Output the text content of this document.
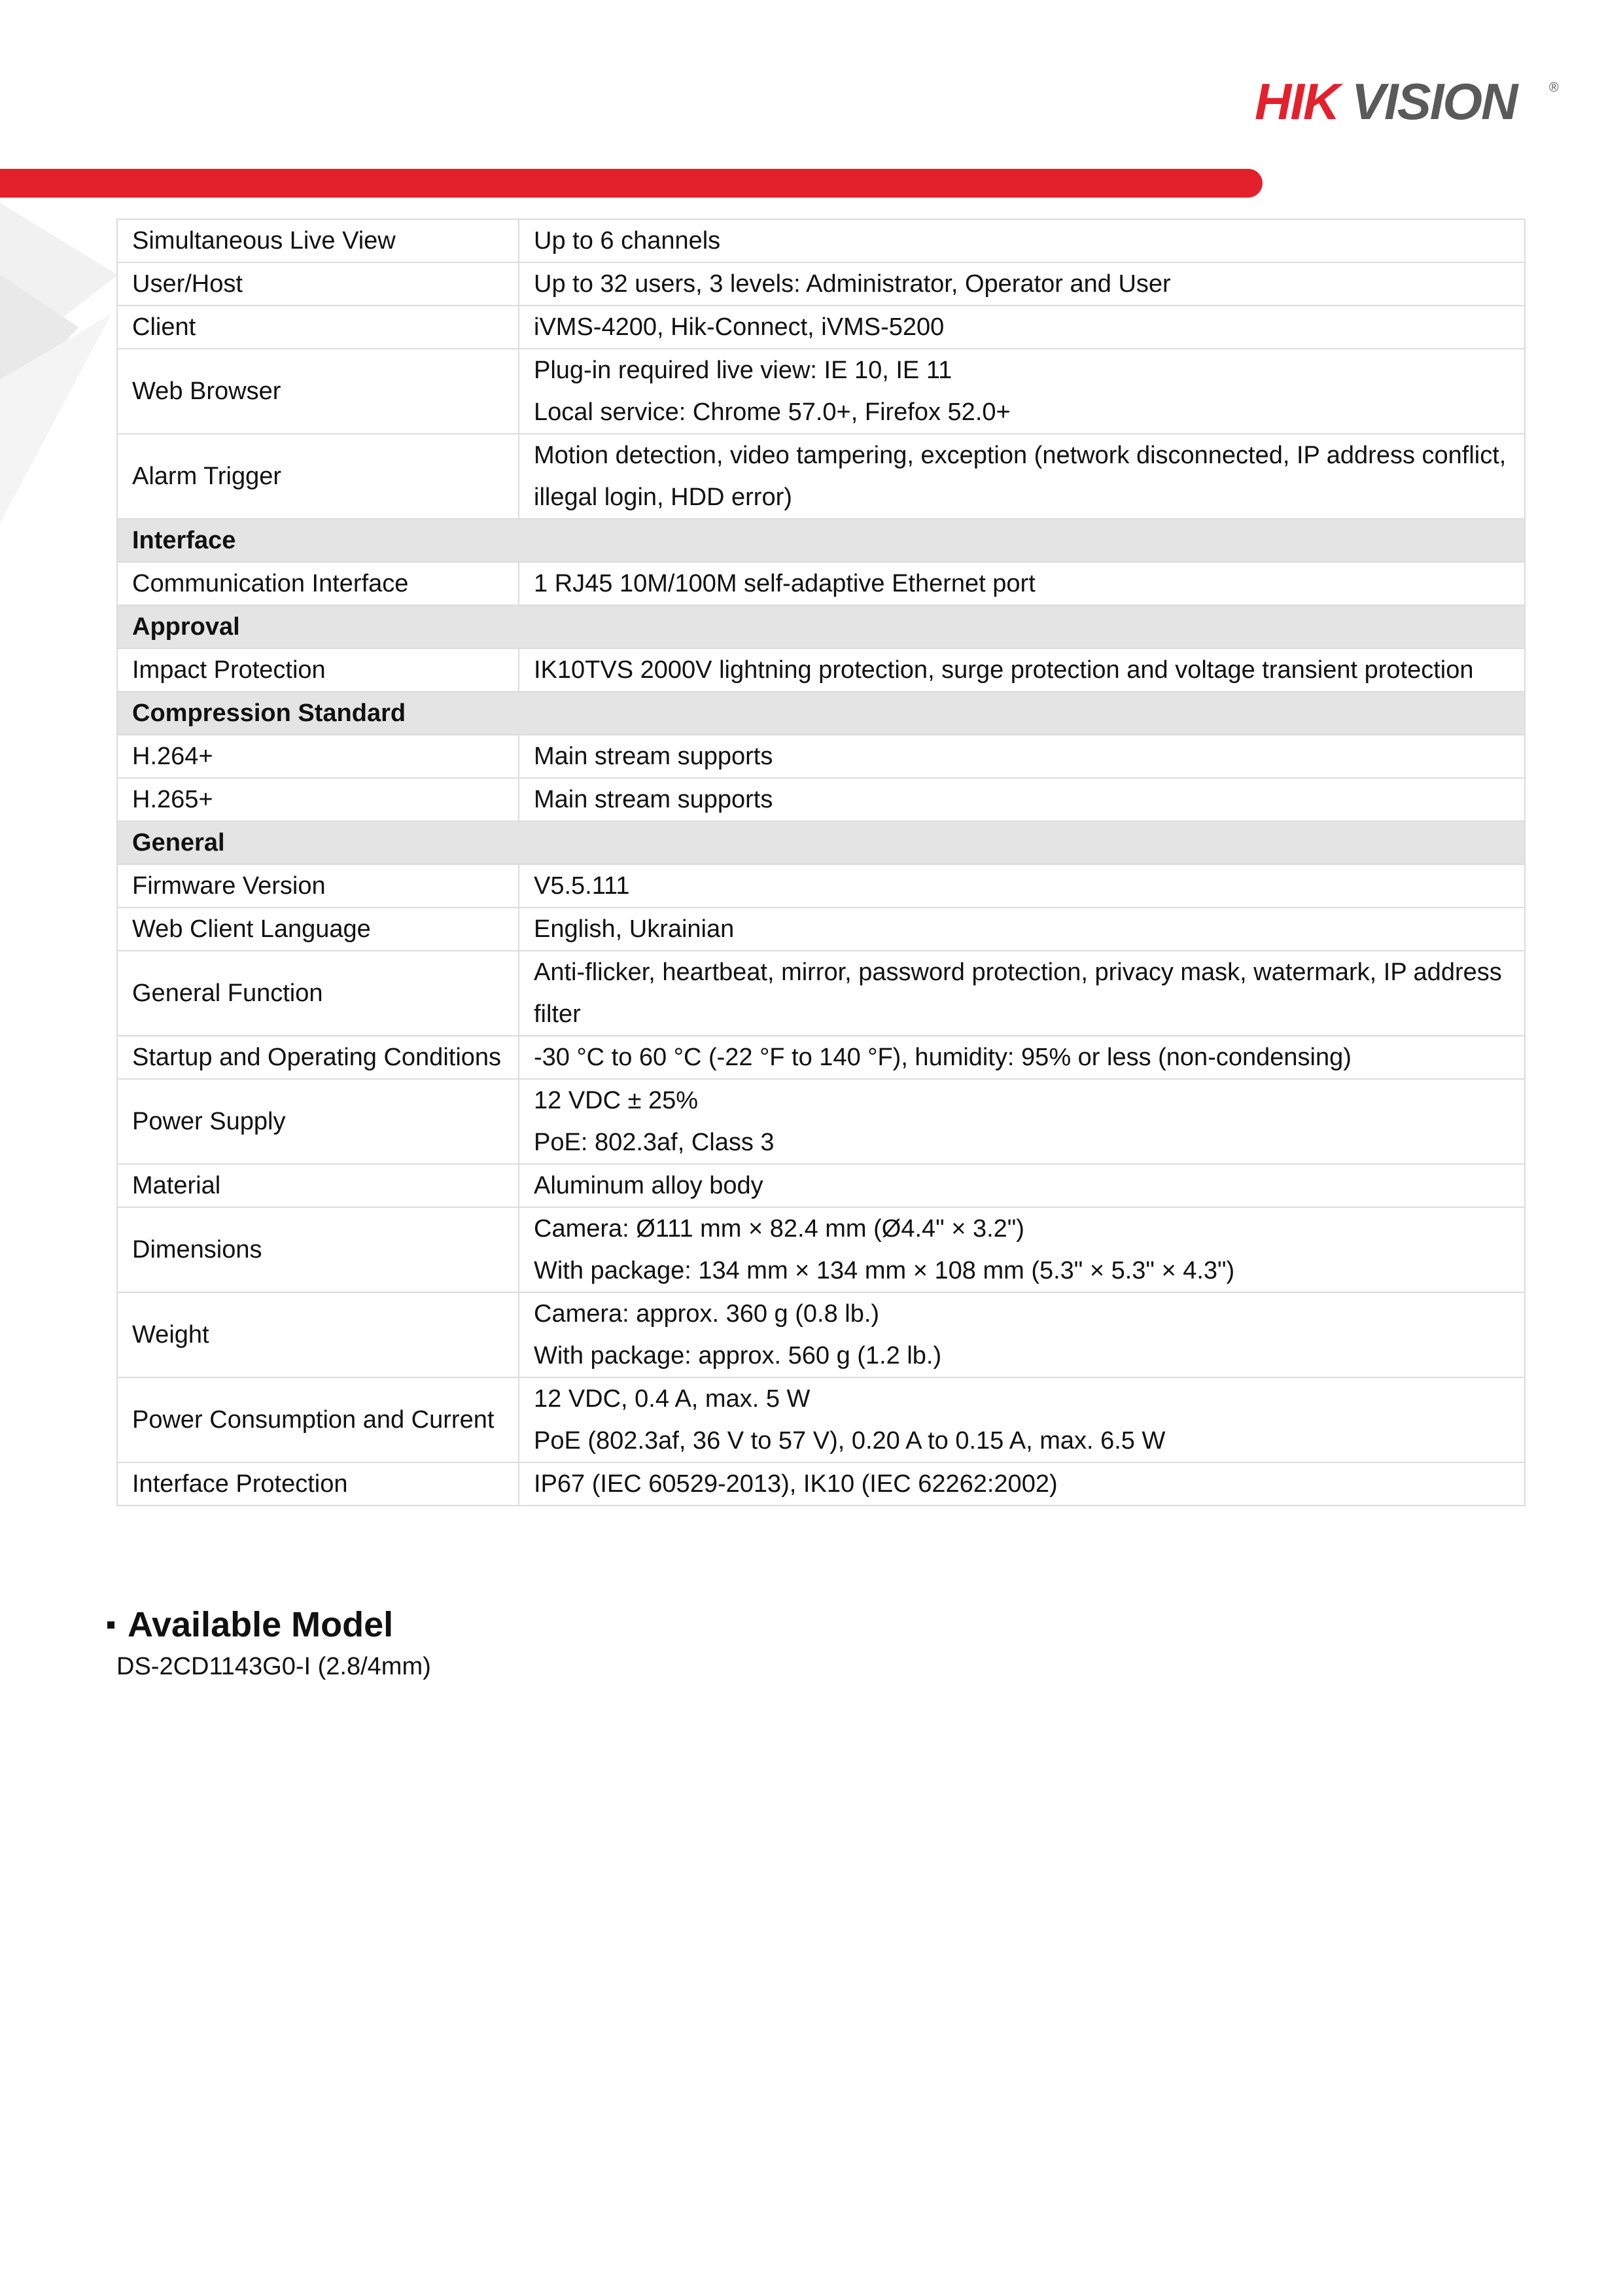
HIK VISION ®
Simultaneous Live View	Up to 6 channels

User/Host	Up to 32 users, 3 levels: Administrator, Operator and User

Client	iVMS-4200, Hik-Connect, iVMS-5200

Web Browser	Plug-in required live view: IE 10, IE 11
Local service: Chrome 57.0+, Firefox 52.0+

Alarm Trigger	Motion detection, video tampering, exception (network disconnected, IP address conflict, illegal login, HDD error)

Interface	
Communication Interface	1 RJ45 10M/100M self-adaptive Ethernet port

Approval	
Impact Protection	IK10TVS 2000V lightning protection, surge protection and voltage transient protection

Compression Standard	
H.264+	Main stream supports

H.265+	Main stream supports

General	
Firmware Version	V5.5.111

Web Client Language	English, Ukrainian

General Function	Anti-flicker, heartbeat, mirror, password protection, privacy mask, watermark, IP address filter

Startup and Operating Conditions	-30 °C to 60 °C (-22 °F to 140 °F), humidity: 95% or less (non-condensing)

Power Supply	12 VDC ± 25%
PoE: 802.3af, Class 3

Material	Aluminum alloy body

Dimensions	Camera: Ø111 mm × 82.4 mm (Ø4.4" × 3.2")
With package: 134 mm × 134 mm × 108 mm (5.3" × 5.3" × 4.3")

Weight	Camera: approx. 360 g (0.8 lb.)
With package: approx. 560 g (1.2 lb.)

Power Consumption and Current	12 VDC, 0.4 A, max. 5 W
PoE (802.3af, 36 V to 57 V), 0.20 A to 0.15 A, max. 6.5 W

Interface Protection	IP67 (IEC 60529-2013), IK10 (IEC 62262:2002)
Available Model
DS-2CD1143G0-I (2.8/4mm)
